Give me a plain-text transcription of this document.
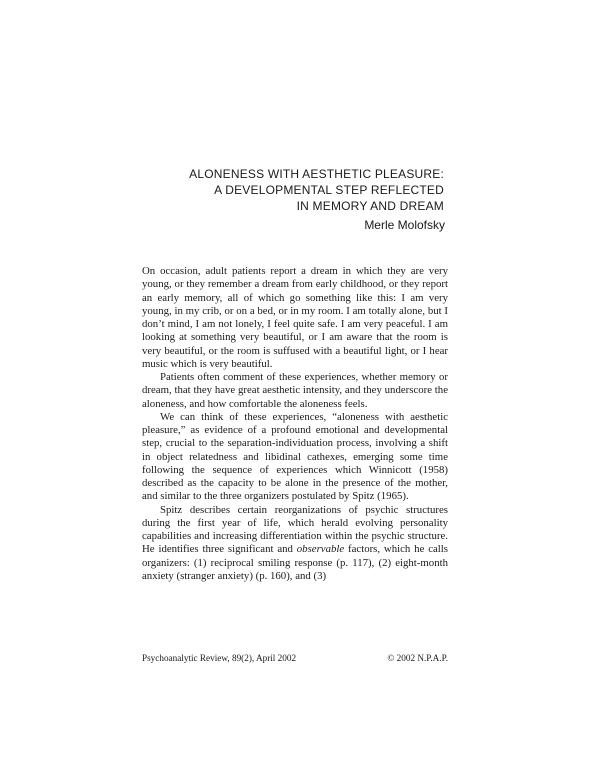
ALONENESS WITH AESTHETIC PLEASURE:
A DEVELOPMENTAL STEP REFLECTED
IN MEMORY AND DREAM
Merle Molofsky

On occasion, adult patients report a dream in which they are very young, or they remember a dream from early childhood, or they report an early memory, all of which go something like this: I am very young, in my crib, or on a bed, or in my room. I am totally alone, but I don’t mind, I am not lonely, I feel quite safe. I am very peaceful. I am looking at something very beautiful, or I am aware that the room is very beautiful, or the room is suffused with a beautiful light, or I hear music which is very beautiful.

Patients often comment of these experiences, whether memory or dream, that they have great aesthetic intensity, and they underscore the aloneness, and how comfortable the aloneness feels.

We can think of these experiences, “aloneness with aesthetic pleasure,” as evidence of a profound emotional and developmental step, crucial to the separation-individuation process, involving a shift in object relatedness and libidinal cathexes, emerging some time following the sequence of experiences which Winnicott (1958) described as the capacity to be alone in the presence of the mother, and similar to the three organizers postulated by Spitz (1965).

Spitz describes certain reorganizations of psychic structures during the first year of life, which herald evolving personality capabilities and increasing differentiation within the psychic structure. He identifies three significant and observable factors, which he calls organizers: (1) reciprocal smiling response (p. 117), (2) eight-month anxiety (stranger anxiety) (p. 160), and (3)

Psychoanalytic Review, 89(2), April 2002	© 2002 N.P.A.P.
